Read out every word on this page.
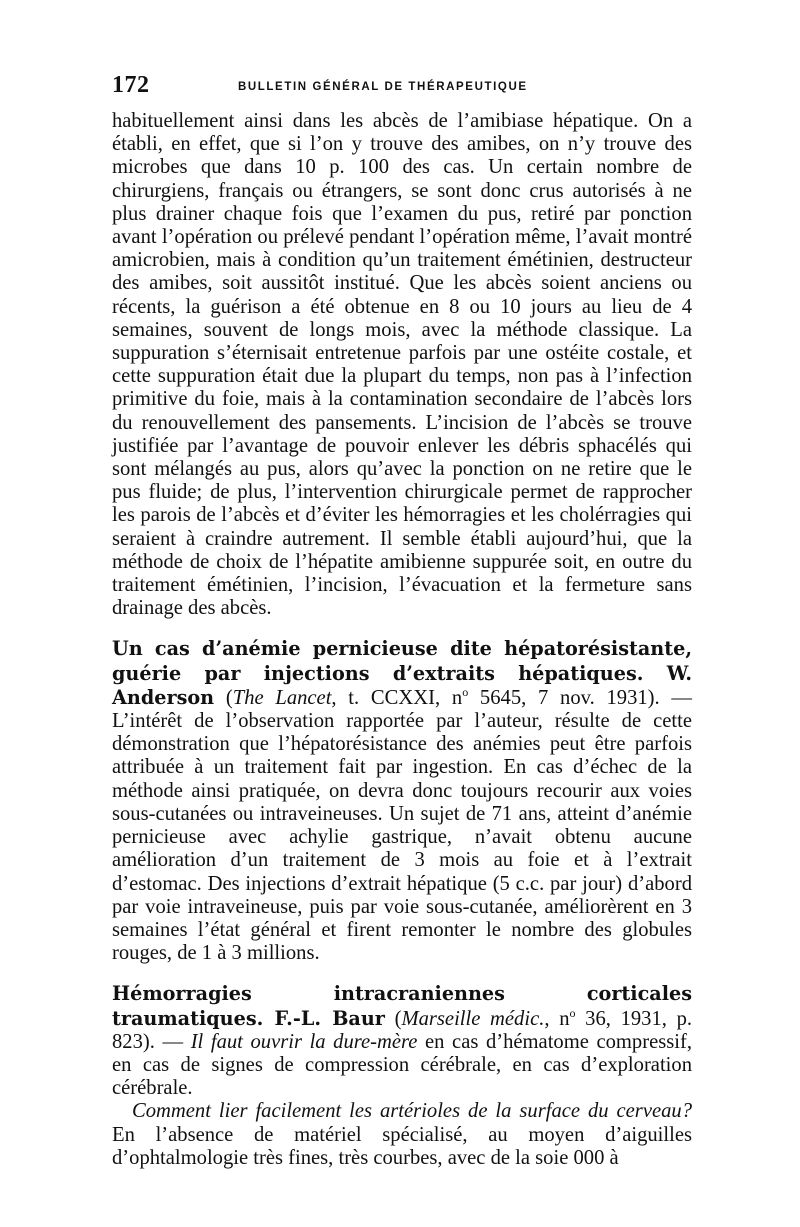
172	BULLETIN GÉNÉRAL DE THÉRAPEUTIQUE

habituellement ainsi dans les abcès de l’amibiase hépatique. On a établi, en effet, que si l’on y trouve des amibes, on n’y trouve des microbes que dans 10 p. 100 des cas. Un certain nombre de chirurgiens, français ou étrangers, se sont donc crus autorisés à ne plus drainer chaque fois que l’examen du pus, retiré par ponction avant l’opération ou prélevé pendant l’opération même, l’avait montré amicrobien, mais à condition qu’un traitement émétinien, destructeur des amibes, soit aussitôt institué. Que les abcès soient anciens ou récents, la guérison a été obtenue en 8 ou 10 jours au lieu de 4 semaines, souvent de longs mois, avec la méthode classique. La suppuration s’éternisait entretenue parfois par une ostéite costale, et cette suppuration était due la plupart du temps, non pas à l’infection primitive du foie, mais à la contamination secondaire de l’abcès lors du renouvellement des pansements. L’incision de l’abcès se trouve justifiée par l’avantage de pouvoir enlever les débris sphacélés qui sont mélangés au pus, alors qu’avec la ponction on ne retire que le pus fluide; de plus, l’intervention chirurgicale permet de rapprocher les parois de l’abcès et d’éviter les hémorragies et les cholérragies qui seraient à craindre autrement. Il semble établi aujourd’hui, que la méthode de choix de l’hépatite amibienne suppurée soit, en outre du traitement émétinien, l’incision, l’évacuation et la fermeture sans drainage des abcès.

Un cas d’anémie pernicieuse dite hépatorésistante, guérie par injections d’extraits hépatiques. W. Anderson (The Lancet, t. CCXXI, $n^o$ 5645, 7 nov. 1931). — L’intérêt de l’observation rapportée par l’auteur, résulte de cette démonstration que l’hépatorésistance des anémies peut être parfois attribuée à un traitement fait par ingestion. En cas d’échec de la méthode ainsi pratiquée, on devra donc toujours recourir aux voies sous-cutanées ou intraveineuses. Un sujet de 71 ans, atteint d’anémie pernicieuse avec achylie gastrique, n’avait obtenu aucune amélioration d’un traitement de 3 mois au foie et à l’extrait d’estomac. Des injections d’extrait hépatique (5 c.c. par jour) d’abord par voie intraveineuse, puis par voie sous-cutanée, améliorèrent en 3 semaines l’état général et firent remonter le nombre des globules rouges, de 1 à 3 millions.

Hémorragies intracraniennes corticales traumatiques. F.-L. Baur (Marseille médic., $n^o$ 36, 1931, p. 823). — Il faut ouvrir la dure-mère en cas d’hématome compressif, en cas de signes de compression cérébrale, en cas d’exploration cérébrale.
Comment lier facilement les artérioles de la surface du cerveau? En l’absence de matériel spécialisé, au moyen d’aiguilles d’ophtalmologie très fines, très courbes, avec de la soie 000 à
